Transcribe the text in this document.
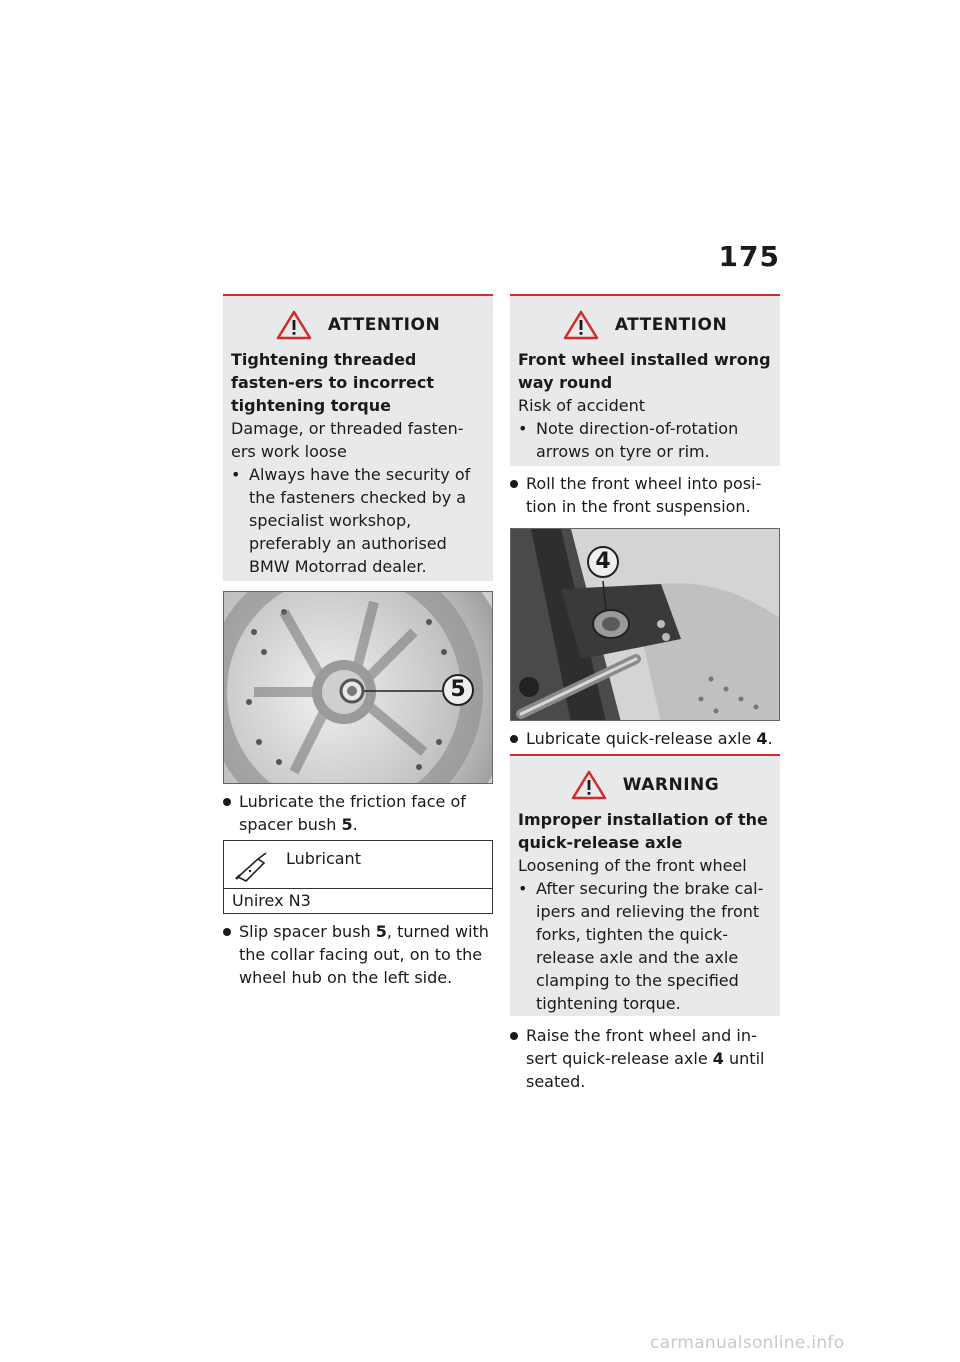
175
ATTENTION
Tightening threaded fasten-ers to incorrect tightening torque
Damage, or threaded fasten-ers work loose
• Always have the security of the fasteners checked by a specialist workshop, preferably an authorised BMW Motorrad dealer.
5
Lubricate the friction face of spacer bush 5.
Lubricant
Unirex N3
Slip spacer bush 5, turned with the collar facing out, on to the wheel hub on the left side.
ATTENTION
Front wheel installed wrong way round
Risk of accident
• Note direction-of-rotation arrows on tyre or rim.
Roll the front wheel into posi-tion in the front suspension.
4
Lubricate quick-release axle 4.
WARNING
Improper installation of the quick-release axle
Loosening of the front wheel
• After securing the brake cal-ipers and relieving the front forks, tighten the quick-release axle and the axle clamping to the specified tightening torque.
Raise the front wheel and in-sert quick-release axle 4 until seated.
carmanualsonline.info
